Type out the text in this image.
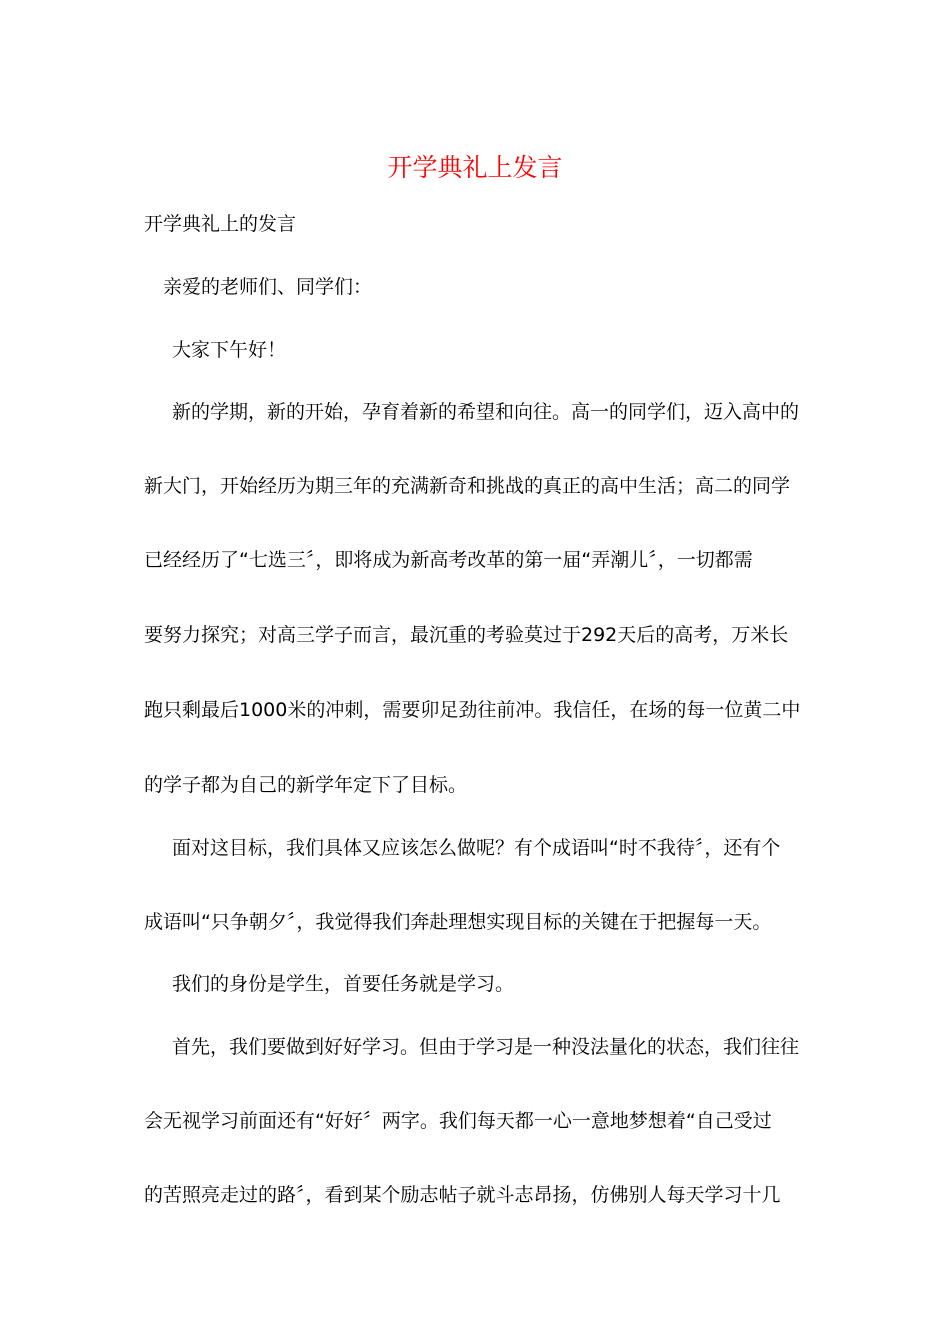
开学典礼上发言
开学典礼上的发言
亲爱的老师们、同学们：
大家下午好！
新的学期，新的开始，孕育着新的希望和向往。高一的同学们，迈入高中的
新大门，开始经历为期三年的充满新奇和挑战的真正的高中生活；高二的同学
已经经历了“七选三〞，即将成为新高考改革的第一届“弄潮儿〞，一切都需
要努力探究；对高三学子而言，最沉重的考验莫过于292天后的高考，万米长
跑只剩最后1000米的冲刺，需要卯足劲往前冲。我信任，在场的每一位黄二中
的学子都为自己的新学年定下了目标。
面对这目标，我们具体又应该怎么做呢？有个成语叫“时不我待〞，还有个
成语叫“只争朝夕〞，我觉得我们奔赴理想实现目标的关键在于把握每一天。
我们的身份是学生，首要任务就是学习。
首先，我们要做到好好学习。但由于学习是一种没法量化的状态，我们往往
会无视学习前面还有“好好〞两字。我们每天都一心一意地梦想着“自己受过
的苦照亮走过的路〞，看到某个励志帖子就斗志昂扬，仿佛别人每天学习十几
